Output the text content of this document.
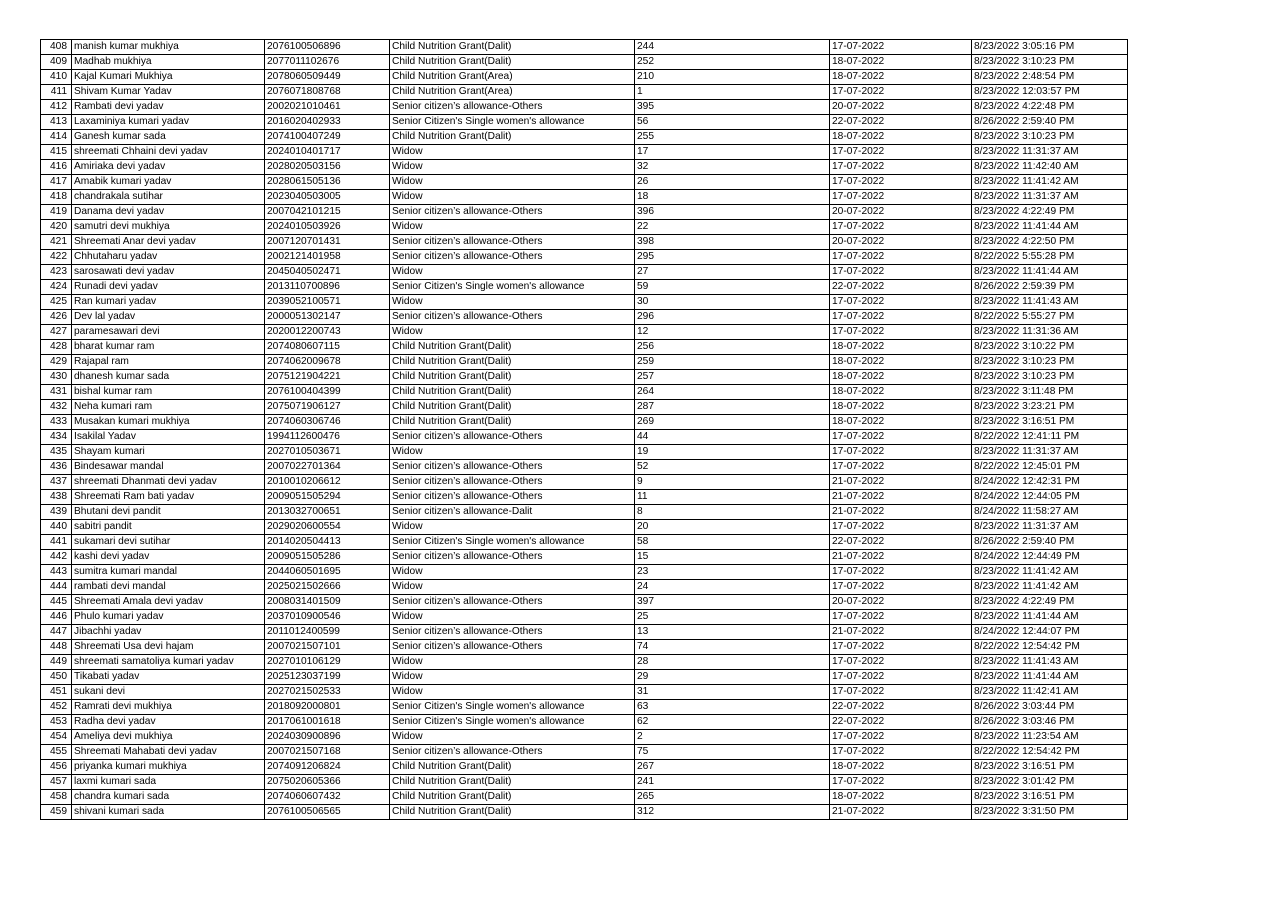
408	manish kumar mukhiya	2076100506896	Child Nutrition Grant(Dalit)	244	17-07-2022	8/23/2022 3:05:16 PM
409	Madhab mukhiya	2077011102676	Child Nutrition Grant(Dalit)	252	18-07-2022	8/23/2022 3:10:23 PM
410	Kajal Kumari Mukhiya	2078060509449	Child Nutrition Grant(Area)	210	18-07-2022	8/23/2022 2:48:54 PM
411	Shivam Kumar Yadav	2076071808768	Child Nutrition Grant(Area)	1	17-07-2022	8/23/2022 12:03:57 PM
412	Rambati devi yadav	2002021010461	Senior citizen’s allowance-Others	395	20-07-2022	8/23/2022 4:22:48 PM
413	Laxaminiya kumari yadav	2016020402933	Senior Citizen's Single women's allowance	56	22-07-2022	8/26/2022 2:59:40 PM
414	Ganesh kumar sada	2074100407249	Child Nutrition Grant(Dalit)	255	18-07-2022	8/23/2022 3:10:23 PM
415	shreemati Chhaini devi yadav	2024010401717	Widow	17	17-07-2022	8/23/2022 11:31:37 AM
416	Amiriaka devi yadav	2028020503156	Widow	32	17-07-2022	8/23/2022 11:42:40 AM
417	Amabik kumari yadav	2028061505136	Widow	26	17-07-2022	8/23/2022 11:41:42 AM
418	chandrakala sutihar	2023040503005	Widow	18	17-07-2022	8/23/2022 11:31:37 AM
419	Danama devi yadav	2007042101215	Senior citizen’s allowance-Others	396	20-07-2022	8/23/2022 4:22:49 PM
420	samutri devi mukhiya	2024010503926	Widow	22	17-07-2022	8/23/2022 11:41:44 AM
421	Shreemati Anar devi yadav	2007120701431	Senior citizen’s allowance-Others	398	20-07-2022	8/23/2022 4:22:50 PM
422	Chhutaharu yadav	2002121401958	Senior citizen’s allowance-Others	295	17-07-2022	8/22/2022 5:55:28 PM
423	sarosawati devi yadav	2045040502471	Widow	27	17-07-2022	8/23/2022 11:41:44 AM
424	Runadi devi yadav	2013110700896	Senior Citizen's Single women's allowance	59	22-07-2022	8/26/2022 2:59:39 PM
425	Ran kumari yadav	2039052100571	Widow	30	17-07-2022	8/23/2022 11:41:43 AM
426	Dev lal yadav	2000051302147	Senior citizen’s allowance-Others	296	17-07-2022	8/22/2022 5:55:27 PM
427	paramesawari devi	2020012200743	Widow	12	17-07-2022	8/23/2022 11:31:36 AM
428	bharat kumar ram	2074080607115	Child Nutrition Grant(Dalit)	256	18-07-2022	8/23/2022 3:10:22 PM
429	Rajapal ram	2074062009678	Child Nutrition Grant(Dalit)	259	18-07-2022	8/23/2022 3:10:23 PM
430	dhanesh kumar sada	2075121904221	Child Nutrition Grant(Dalit)	257	18-07-2022	8/23/2022 3:10:23 PM
431	bishal kumar ram	2076100404399	Child Nutrition Grant(Dalit)	264	18-07-2022	8/23/2022 3:11:48 PM
432	Neha kumari ram	2075071906127	Child Nutrition Grant(Dalit)	287	18-07-2022	8/23/2022 3:23:21 PM
433	Musakan kumari mukhiya	2074060306746	Child Nutrition Grant(Dalit)	269	18-07-2022	8/23/2022 3:16:51 PM
434	Isakilal Yadav	1994112600476	Senior citizen’s allowance-Others	44	17-07-2022	8/22/2022 12:41:11 PM
435	Shayam kumari	2027010503671	Widow	19	17-07-2022	8/23/2022 11:31:37 AM
436	Bindesawar mandal	2007022701364	Senior citizen’s allowance-Others	52	17-07-2022	8/22/2022 12:45:01 PM
437	shreemati Dhanmati devi yadav	2010010206612	Senior citizen’s allowance-Others	9	21-07-2022	8/24/2022 12:42:31 PM
438	Shreemati Ram bati yadav	2009051505294	Senior citizen’s allowance-Others	11	21-07-2022	8/24/2022 12:44:05 PM
439	Bhutani devi pandit	2013032700651	Senior citizen’s allowance-Dalit	8	21-07-2022	8/24/2022 11:58:27 AM
440	sabitri pandit	2029020600554	Widow	20	17-07-2022	8/23/2022 11:31:37 AM
441	sukamari devi sutihar	2014020504413	Senior Citizen's Single women's allowance	58	22-07-2022	8/26/2022 2:59:40 PM
442	kashi devi yadav	2009051505286	Senior citizen’s allowance-Others	15	21-07-2022	8/24/2022 12:44:49 PM
443	sumitra kumari mandal	2044060501695	Widow	23	17-07-2022	8/23/2022 11:41:42 AM
444	rambati devi mandal	2025021502666	Widow	24	17-07-2022	8/23/2022 11:41:42 AM
445	Shreemati Amala devi yadav	2008031401509	Senior citizen’s allowance-Others	397	20-07-2022	8/23/2022 4:22:49 PM
446	Phulo kumari yadav	2037010900546	Widow	25	17-07-2022	8/23/2022 11:41:44 AM
447	Jibachhi yadav	2011012400599	Senior citizen’s allowance-Others	13	21-07-2022	8/24/2022 12:44:07 PM
448	Shreemati Usa devi hajam	2007021507101	Senior citizen’s allowance-Others	74	17-07-2022	8/22/2022 12:54:42 PM
449	shreemati samatoliya kumari yadav	2027010106129	Widow	28	17-07-2022	8/23/2022 11:41:43 AM
450	Tikabati yadav	2025123037199	Widow	29	17-07-2022	8/23/2022 11:41:44 AM
451	sukani devi	2027021502533	Widow	31	17-07-2022	8/23/2022 11:42:41 AM
452	Ramrati devi mukhiya	2018092000801	Senior Citizen's Single women's allowance	63	22-07-2022	8/26/2022 3:03:44 PM
453	Radha devi yadav	2017061001618	Senior Citizen's Single women's allowance	62	22-07-2022	8/26/2022 3:03:46 PM
454	Ameliya devi mukhiya	2024030900896	Widow	2	17-07-2022	8/23/2022 11:23:54 AM
455	Shreemati Mahabati devi yadav	2007021507168	Senior citizen’s allowance-Others	75	17-07-2022	8/22/2022 12:54:42 PM
456	priyanka kumari mukhiya	2074091206824	Child Nutrition Grant(Dalit)	267	18-07-2022	8/23/2022 3:16:51 PM
457	laxmi kumari sada	2075020605366	Child Nutrition Grant(Dalit)	241	17-07-2022	8/23/2022 3:01:42 PM
458	chandra kumari sada	2074060607432	Child Nutrition Grant(Dalit)	265	18-07-2022	8/23/2022 3:16:51 PM
459	shivani kumari sada	2076100506565	Child Nutrition Grant(Dalit)	312	21-07-2022	8/23/2022 3:31:50 PM
